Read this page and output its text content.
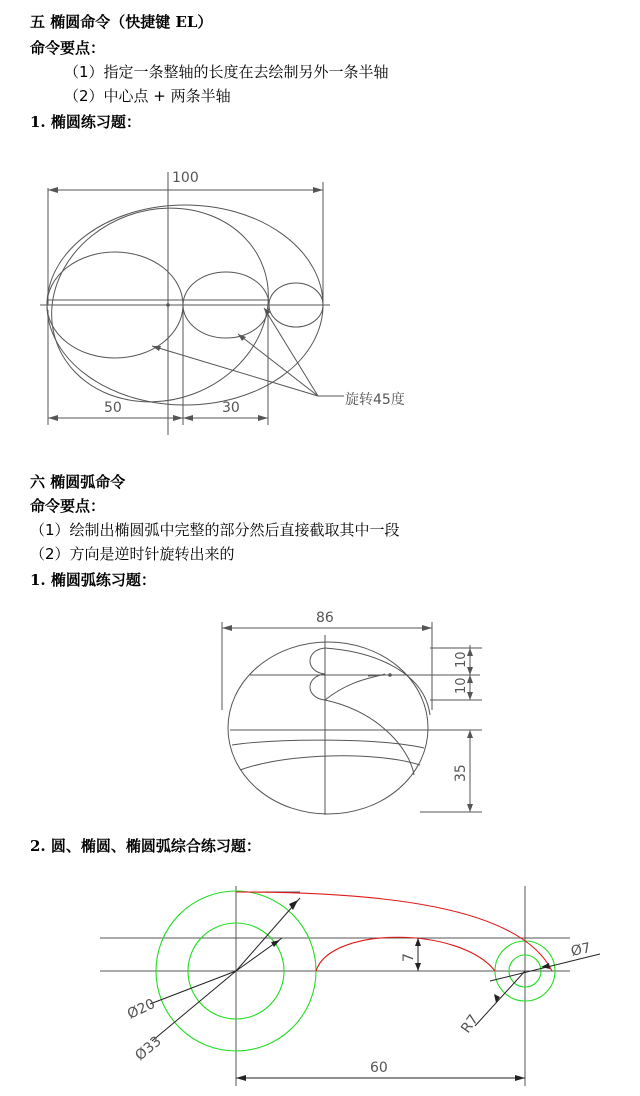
五 椭圆命令（快捷键 EL）
命令要点：
（1）指定一条整轴的长度在去绘制另外一条半轴
（2）中心点 + 两条半轴
1. 椭圆练习题：
100
50	30	旋转45度
六 椭圆弧命令
命令要点：
（1）绘制出椭圆弧中完整的部分然后直接截取其中一段
（2）方向是逆时针旋转出来的
1. 椭圆弧练习题：
86
10
10
35
2. 圆、椭圆、椭圆弧综合练习题：
Ø33
Ø20
Ø7
R7
7
60
